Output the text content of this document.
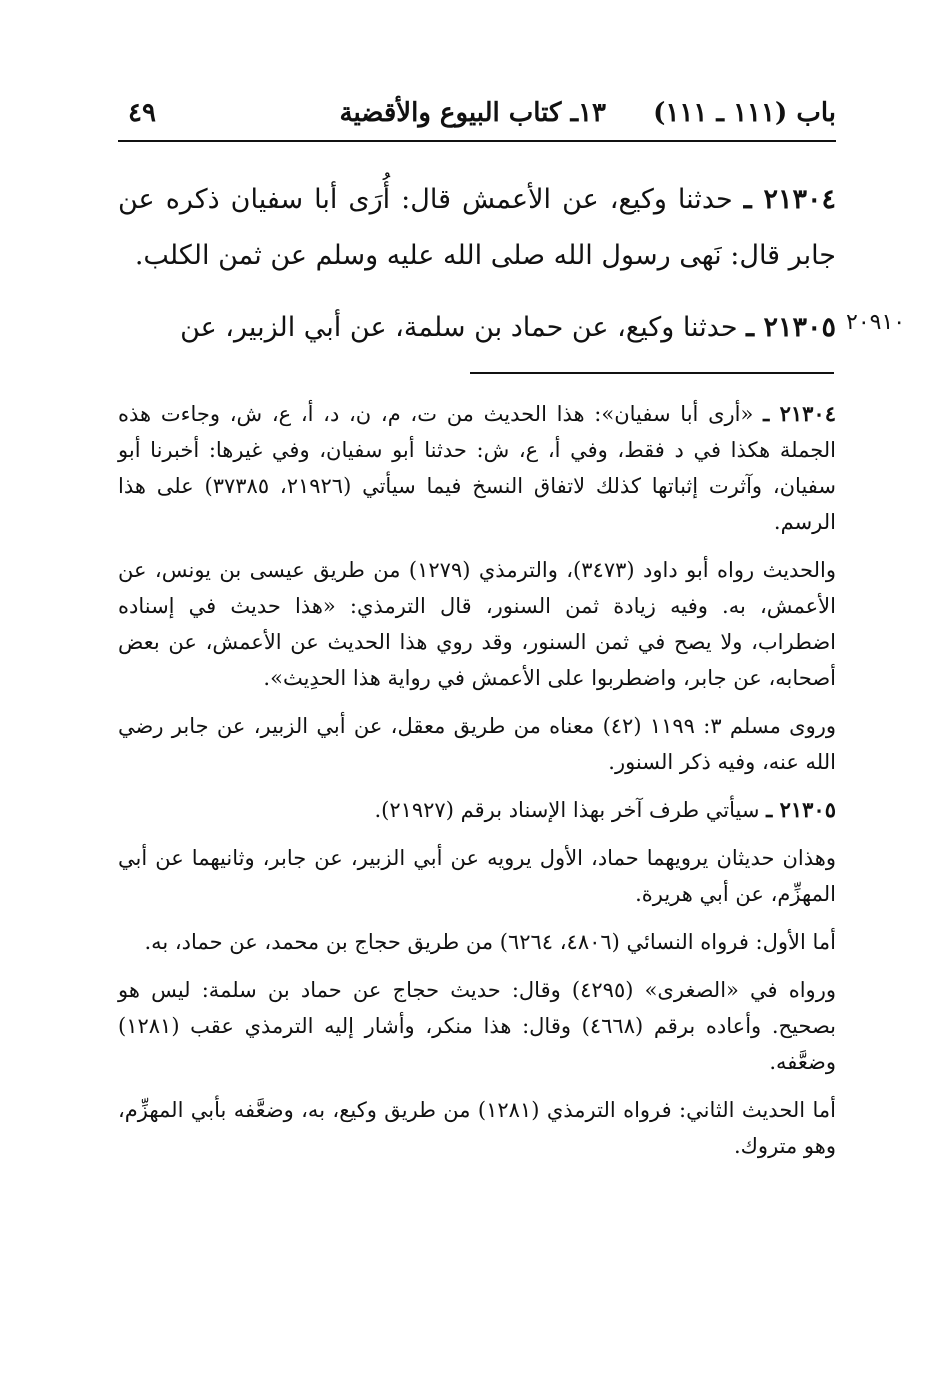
باب (١١١ ـ ١١١)
١٣ـ كتاب البيوع والأقضية
٤٩

٢١٣٠٤ ـ حدثنا وكيع، عن الأعمش قال: أُرَى أبا سفيان ذكره عن جابر قال: نَهى رسول الله صلى الله عليه وسلم عن ثمن الكلب.

٢١٣٠٥ ـ حدثنا وكيع، عن حماد بن سلمة، عن أبي الزبير، عن	٢٠٩١٠

٢١٣٠٤ ـ «أرى أبا سفيان»: هذا الحديث من ت، م، ن، د، أ، ع، ش، وجاءت هذه الجملة هكذا في د فقط، وفي أ، ع، ش: حدثنا أبو سفيان، وفي غيرها: أخبرنا أبو سفيان، وآثرت إثباتها كذلك لاتفاق النسخ فيما سيأتي (٢١٩٢٦، ٣٧٣٨٥) على هذا الرسم.

والحديث رواه أبو داود (٣٤٧٣)، والترمذي (١٢٧٩) من طريق عيسى بن يونس، عن الأعمش، به. وفيه زيادة ثمن السنور، قال الترمذي: «هذا حديث في إسناده اضطراب، ولا يصح في ثمن السنور، وقد روي هذا الحديث عن الأعمش، عن بعض أصحابه، عن جابر، واضطربوا على الأعمش في رواية هذا الحدِيث».

وروى مسلم ٣: ١١٩٩ (٤٢) معناه من طريق معقل، عن أبي الزبير، عن جابر رضي الله عنه، وفيه ذكر السنور.

٢١٣٠٥ ـ سيأتي طرف آخر بهذا الإسناد برقم (٢١٩٢٧).

وهذان حديثان يرويهما حماد، الأول يرويه عن أبي الزبير، عن جابر، وثانيهما عن أبي المهزِّم، عن أبي هريرة.

أما الأول: فرواه النسائي (٤٨٠٦، ٦٢٦٤) من طريق حجاج بن محمد، عن حماد، به.

ورواه في «الصغرى» (٤٢٩٥) وقال: حديث حجاج عن حماد بن سلمة: ليس هو بصحيح. وأعاده برقم (٤٦٦٨) وقال: هذا منكر، وأشار إليه الترمذي عقب (١٢٨١) وضعَّفه.

أما الحديث الثاني: فرواه الترمذي (١٢٨١) من طريق وكيع، به، وضعَّفه بأبي المهزِّم، وهو متروك.
